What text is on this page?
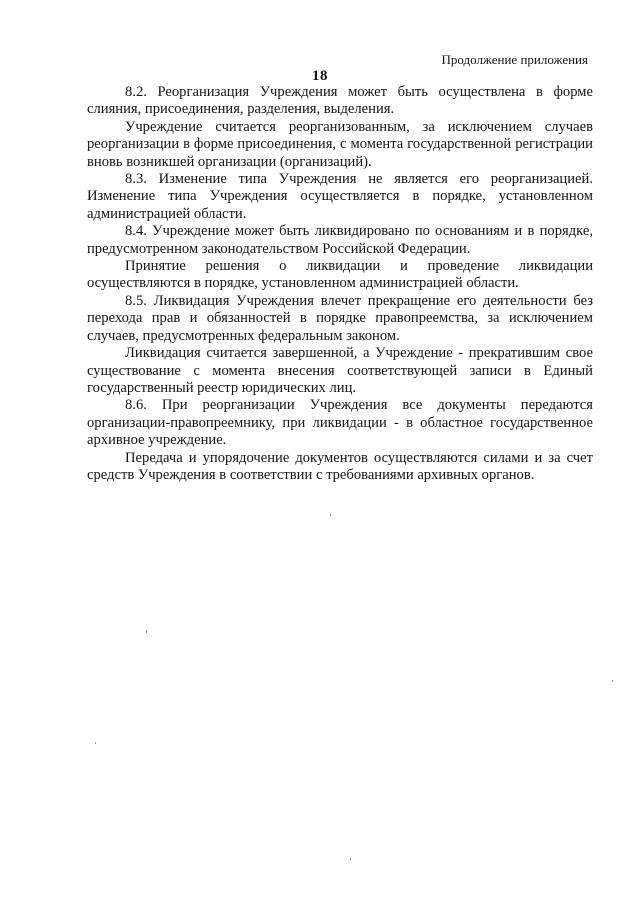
Продолжение приложения
18

8.2. Реорганизация Учреждения может быть осуществлена в форме слияния, присоединения, разделения, выделения.

Учреждение считается реорганизованным, за исключением случаев реорганизации в форме присоединения, с момента государственной регистрации вновь возникшей организации (организаций).

8.3. Изменение типа Учреждения не является его реорганизацией. Изменение типа Учреждения осуществляется в порядке, установленном администрацией области.

8.4. Учреждение может быть ликвидировано по основаниям и в порядке, предусмотренном законодательством Российской Федерации.

Принятие решения о ликвидации и проведение ликвидации осуществляются в порядке, установленном администрацией области.

8.5. Ликвидация Учреждения влечет прекращение его деятельности без перехода прав и обязанностей в порядке правопреемства, за исключением случаев, предусмотренных федеральным законом.

Ликвидация считается завершенной, а Учреждение - прекратившим свое существование с момента внесения соответствующей записи в Единый государственный реестр юридических лиц.

8.6. При реорганизации Учреждения все документы передаются организации-правопреемнику, при ликвидации - в областное государственное архивное учреждение.

Передача и упорядочение документов осуществляются силами и за счет средств Учреждения в соответствии с требованиями архивных органов.
